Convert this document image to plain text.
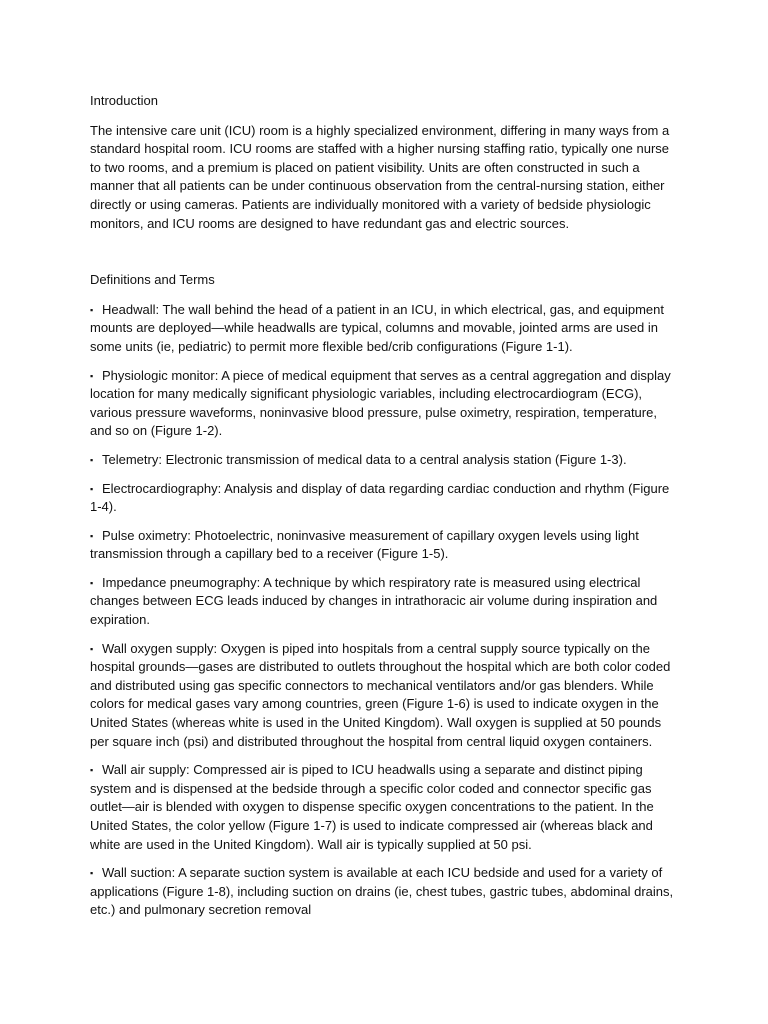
Introduction

The intensive care unit (ICU) room is a highly specialized environment, differing in many ways from a standard hospital room. ICU rooms are staffed with a higher nursing staffing ratio, typically one nurse to two rooms, and a premium is placed on patient visibility. Units are often constructed in such a manner that all patients can be under continuous observation from the central-nursing station, either directly or using cameras. Patients are individually monitored with a variety of bedside physiologic monitors, and ICU rooms are designed to have redundant gas and electric sources.

Definitions and Terms

▪ Headwall: The wall behind the head of a patient in an ICU, in which electrical, gas, and equipment mounts are deployed—while headwalls are typical, columns and movable, jointed arms are used in some units (ie, pediatric) to permit more flexible bed/crib configurations (Figure 1-1).

▪ Physiologic monitor: A piece of medical equipment that serves as a central aggregation and display location for many medically significant physiologic variables, including electrocardiogram (ECG), various pressure waveforms, noninvasive blood pressure, pulse oximetry, respiration, temperature, and so on (Figure 1-2).

▪ Telemetry: Electronic transmission of medical data to a central analysis station (Figure 1-3).

▪ Electrocardiography: Analysis and display of data regarding cardiac conduction and rhythm (Figure 1-4).

▪ Pulse oximetry: Photoelectric, noninvasive measurement of capillary oxygen levels using light transmission through a capillary bed to a receiver (Figure 1-5).

▪ Impedance pneumography: A technique by which respiratory rate is measured using electrical changes between ECG leads induced by changes in intrathoracic air volume during inspiration and expiration.

▪ Wall oxygen supply: Oxygen is piped into hospitals from a central supply source typically on the hospital grounds—gases are distributed to outlets throughout the hospital which are both color coded and distributed using gas specific connectors to mechanical ventilators and/or gas blenders. While colors for medical gases vary among countries, green (Figure 1-6) is used to indicate oxygen in the United States (whereas white is used in the United Kingdom). Wall oxygen is supplied at 50 pounds per square inch (psi) and distributed throughout the hospital from central liquid oxygen containers.

▪ Wall air supply: Compressed air is piped to ICU headwalls using a separate and distinct piping system and is dispensed at the bedside through a specific color coded and connector specific gas outlet—air is blended with oxygen to dispense specific oxygen concentrations to the patient. In the United States, the color yellow (Figure 1-7) is used to indicate compressed air (whereas black and white are used in the United Kingdom). Wall air is typically supplied at 50 psi.

▪ Wall suction: A separate suction system is available at each ICU bedside and used for a variety of applications (Figure 1-8), including suction on drains (ie, chest tubes, gastric tubes, abdominal drains, etc.) and pulmonary secretion removal
